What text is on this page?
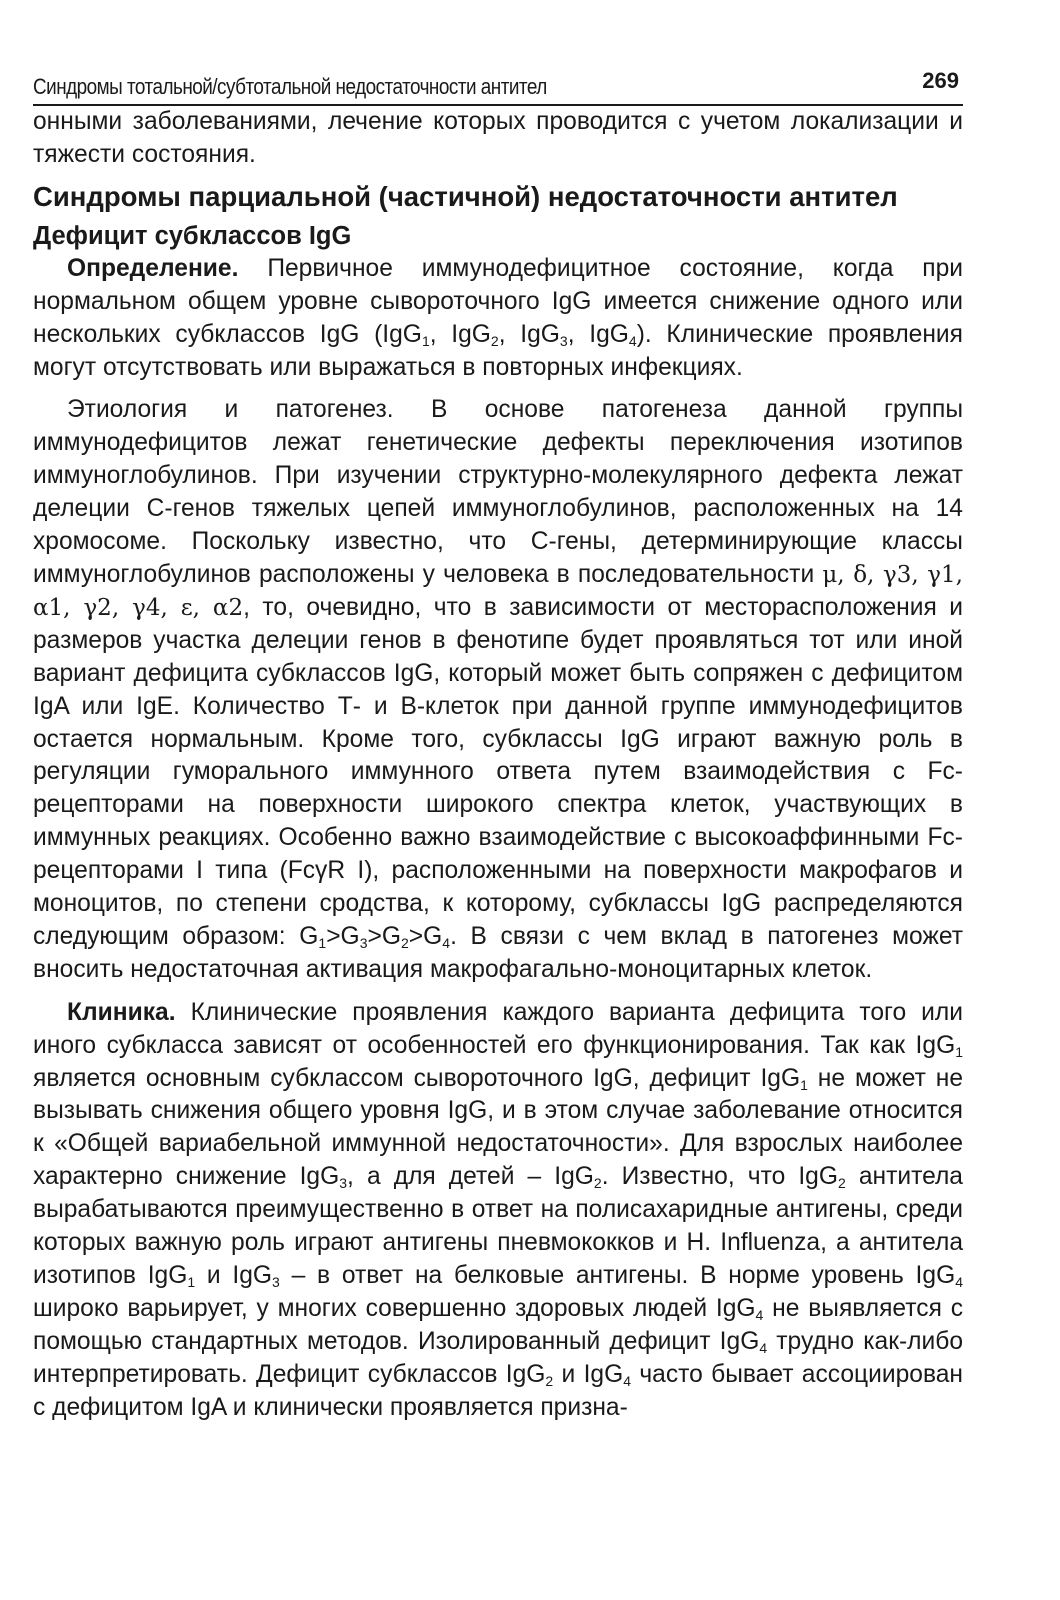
Синдромы тотальной/субтотальной недостаточности антител	269

онными заболеваниями, лечение которых проводится с учетом локализации и тяжести состояния.

Синдромы парциальной (частичной) недостаточности антител
Дефицит субклассов IgG

Определение. Первичное иммунодефицитное состояние, когда при нормальном общем уровне сывороточного IgG имеется снижение одного или нескольких субклассов IgG (IgG$_1$, IgG$_2$, IgG$_3$, IgG$_4$). Клинические проявления могут отсутствовать или выражаться в повторных инфекциях.

Этиология и патогенез. В основе патогенеза данной группы иммунодефицитов лежат генетические дефекты переключения изотипов иммуноглобулинов. При изучении структурно-молекулярного дефекта лежат делеции С-генов тяжелых цепей иммуноглобулинов, расположенных на 14 хромосоме. Поскольку известно, что С-гены, детерминирующие классы иммуноглобулинов расположены у человека в последовательности μ, δ, γ3, γ1, α1, γ2, γ4, ε, α2, то, очевидно, что в зависимости от месторасположения и размеров участка делеции генов в фенотипе будет проявляться тот или иной вариант дефицита субклассов IgG, который может быть сопряжен с дефицитом IgA или IgE. Количество Т- и В-клеток при данной группе иммунодефицитов остается нормальным. Кроме того, субклассы IgG играют важную роль в регуляции гуморального иммунного ответа путем взаимодействия с Fc-рецепторами на поверхности широкого спектра клеток, участвующих в иммунных реакциях. Особенно важно взаимодействие с высокоаффинными Fc-рецепторами I типа (FcγR I), расположенными на поверхности макрофагов и моноцитов, по степени сродства, к которому, субклассы IgG распределяются следующим образом: $G_1>G_3>G_2>G_4$. В связи с чем вклад в патогенез может вносить недостаточная активация макрофагально-моноцитарных клеток.

Клиника. Клинические проявления каждого варианта дефицита того или иного субкласса зависят от особенностей его функционирования. Так как IgG$_1$ является основным субклассом сывороточного IgG, дефицит IgG$_1$ не может не вызывать снижения общего уровня IgG, и в этом случае заболевание относится к «Общей вариабельной иммунной недостаточности». Для взрослых наиболее характерно снижение IgG$_3$, а для детей – IgG$_2$. Известно, что IgG$_2$ антитела вырабатываются преимущественно в ответ на полисахаридные антигены, среди которых важную роль играют антигены пневмококков и H. Influenza, а антитела изотипов IgG$_1$ и IgG$_3$ – в ответ на белковые антигены. В норме уровень IgG$_4$ широко варьирует, у многих совершенно здоровых людей IgG$_4$ не выявляется с помощью стандартных методов. Изолированный дефицит IgG$_4$ трудно как-либо интерпретировать. Дефицит субклассов IgG$_2$ и IgG$_4$ часто бывает ассоциирован с дефицитом IgA и клинически проявляется призна-
